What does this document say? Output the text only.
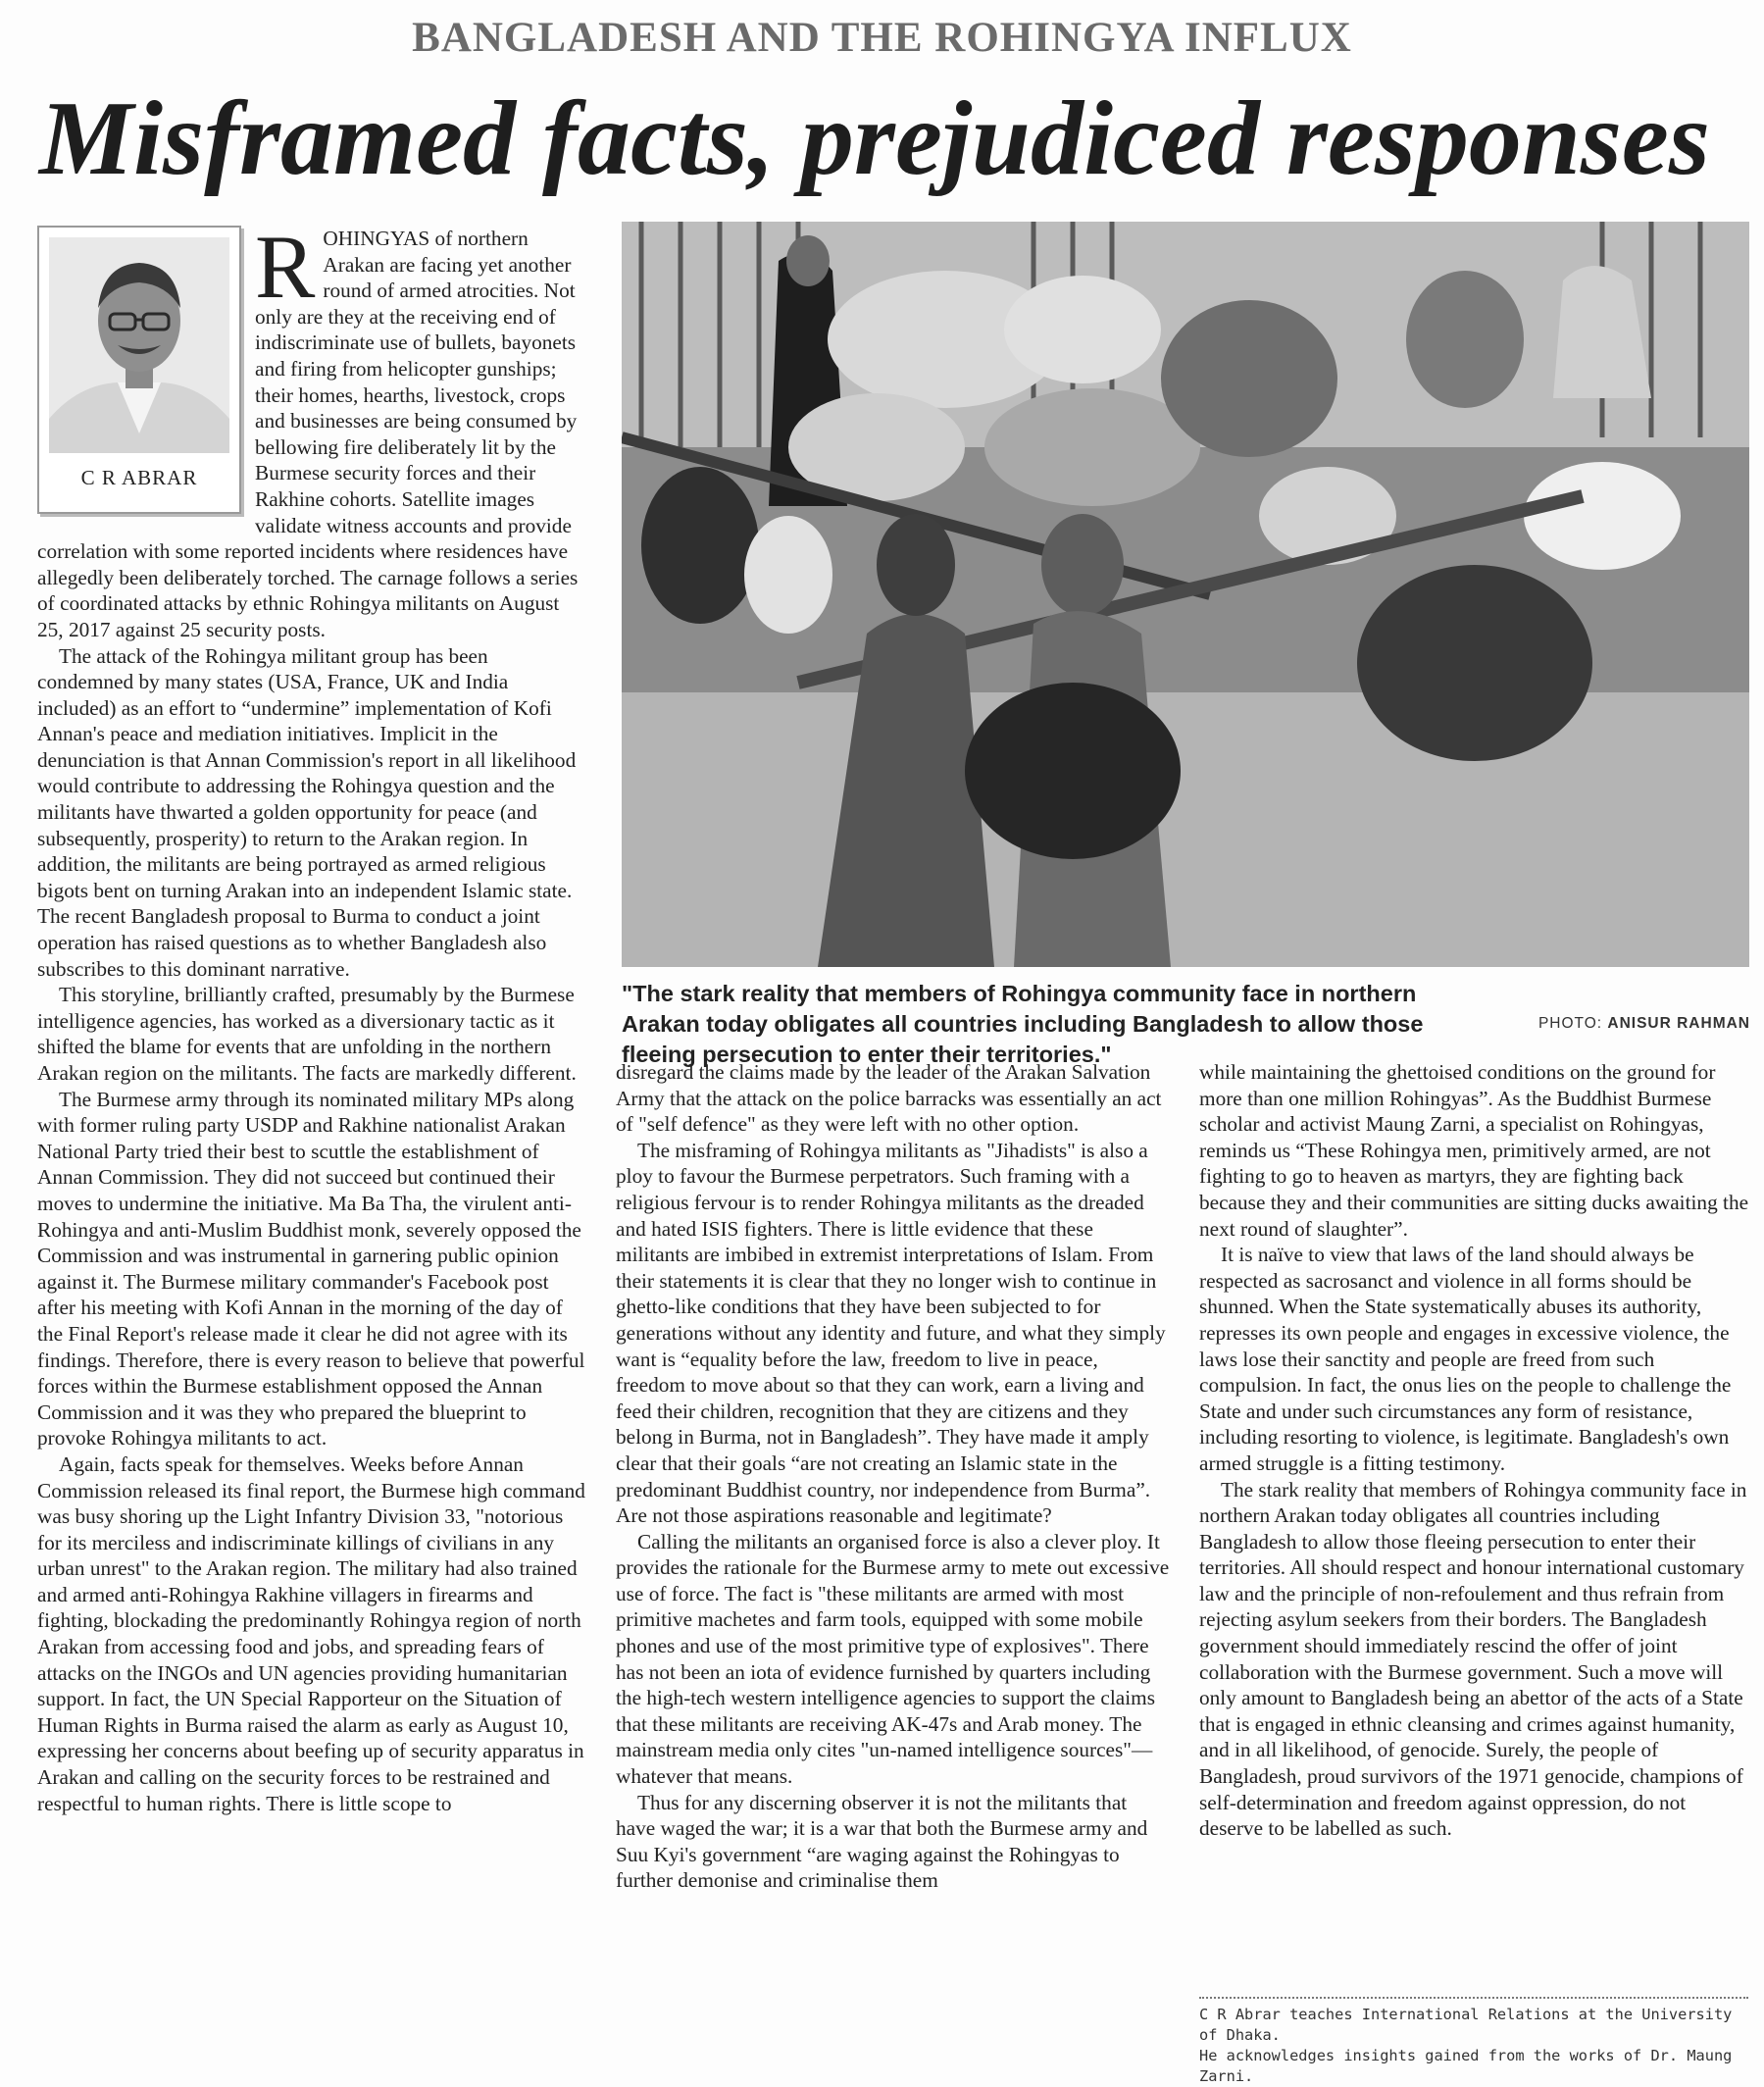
BANGLADESH AND THE ROHINGYA INFLUX
Misframed facts, prejudiced responses
C R ABRAR
R OHINGYAS of northern Arakan are facing yet another round of armed atrocities. Not only are they at the receiving end of indiscriminate use of bullets, bayonets and firing from helicopter gunships; their homes, hearths, livestock, crops and businesses are being consumed by bellowing fire deliberately lit by the Burmese security forces and their Rakhine cohorts. Satellite images validate witness accounts and provide correlation with some reported incidents where residences have allegedly been deliberately torched. The carnage follows a series of coordinated attacks by ethnic Rohingya militants on August 25, 2017 against 25 security posts.

The attack of the Rohingya militant group has been condemned by many states (USA, France, UK and India included) as an effort to “undermine” implementation of Kofi Annan's peace and mediation initiatives. Implicit in the denunciation is that Annan Commission's report in all likelihood would contribute to addressing the Rohingya question and the militants have thwarted a golden opportunity for peace (and subsequently, prosperity) to return to the Arakan region. In addition, the militants are being portrayed as armed religious bigots bent on turning Arakan into an independent Islamic state. The recent Bangladesh proposal to Burma to conduct a joint operation has raised questions as to whether Bangladesh also subscribes to this dominant narrative.

This storyline, brilliantly crafted, presumably by the Burmese intelligence agencies, has worked as a diversionary tactic as it shifted the blame for events that are unfolding in the northern Arakan region on the militants. The facts are markedly different.

The Burmese army through its nominated military MPs along with former ruling party USDP and Rakhine nationalist Arakan National Party tried their best to scuttle the establishment of Annan Commission. They did not succeed but continued their moves to undermine the initiative. Ma Ba Tha, the virulent anti-Rohingya and anti-Muslim Buddhist monk, severely opposed the Commission and was instrumental in garnering public opinion against it. The Burmese military commander's Facebook post after his meeting with Kofi Annan in the morning of the day of the Final Report's release made it clear he did not agree with its findings. Therefore, there is every reason to believe that powerful forces within the Burmese establishment opposed the Annan Commission and it was they who prepared the blueprint to provoke Rohingya militants to act.

Again, facts speak for themselves. Weeks before Annan Commission released its final report, the Burmese high command was busy shoring up the Light Infantry Division 33, "notorious for its merciless and indiscriminate killings of civilians in any urban unrest" to the Arakan region. The military had also trained and armed anti-Rohingya Rakhine villagers in firearms and fighting, blockading the predominantly Rohingya region of north Arakan from accessing food and jobs, and spreading fears of attacks on the INGOs and UN agencies providing humanitarian support. In fact, the UN Special Rapporteur on the Situation of Human Rights in Burma raised the alarm as early as August 10, expressing her concerns about beefing up of security apparatus in Arakan and calling on the security forces to be restrained and respectful to human rights. There is little scope to

"The stark reality that members of Rohingya community face in northern Arakan today obligates all countries including Bangladesh to allow those fleeing persecution to enter their territories."
PHOTO: ANISUR RAHMAN

disregard the claims made by the leader of the Arakan Salvation Army that the attack on the police barracks was essentially an act of "self defence" as they were left with no other option.

The misframing of Rohingya militants as "Jihadists" is also a ploy to favour the Burmese perpetrators. Such framing with a religious fervour is to render Rohingya militants as the dreaded and hated ISIS fighters. There is little evidence that these militants are imbibed in extremist interpretations of Islam. From their statements it is clear that they no longer wish to continue in ghetto-like conditions that they have been subjected to for generations without any identity and future, and what they simply want is “equality before the law, freedom to live in peace, freedom to move about so that they can work, earn a living and feed their children, recognition that they are citizens and they belong in Burma, not in Bangladesh”. They have made it amply clear that their goals “are not creating an Islamic state in the predominant Buddhist country, nor independence from Burma”. Are not those aspirations reasonable and legitimate?

Calling the militants an organised force is also a clever ploy. It provides the rationale for the Burmese army to mete out excessive use of force. The fact is "these militants are armed with most primitive machetes and farm tools, equipped with some mobile phones and use of the most primitive type of explosives". There has not been an iota of evidence furnished by quarters including the high-tech western intelligence agencies to support the claims that these militants are receiving AK-47s and Arab money. The mainstream media only cites "un-named intelligence sources"—whatever that means.

Thus for any discerning observer it is not the militants that have waged the war; it is a war that both the Burmese army and Suu Kyi's government “are waging against the Rohingyas to further demonise and criminalise them

while maintaining the ghettoised conditions on the ground for more than one million Rohingyas”. As the Buddhist Burmese scholar and activist Maung Zarni, a specialist on Rohingyas, reminds us “These Rohingya men, primitively armed, are not fighting to go to heaven as martyrs, they are fighting back because they and their communities are sitting ducks awaiting the next round of slaughter”.

It is naïve to view that laws of the land should always be respected as sacrosanct and violence in all forms should be shunned. When the State systematically abuses its authority, represses its own people and engages in excessive violence, the laws lose their sanctity and people are freed from such compulsion. In fact, the onus lies on the people to challenge the State and under such circumstances any form of resistance, including resorting to violence, is legitimate. Bangladesh's own armed struggle is a fitting testimony.

The stark reality that members of Rohingya community face in northern Arakan today obligates all countries including Bangladesh to allow those fleeing persecution to enter their territories. All should respect and honour international customary law and the principle of non-refoulement and thus refrain from rejecting asylum seekers from their borders. The Bangladesh government should immediately rescind the offer of joint collaboration with the Burmese government. Such a move will only amount to Bangladesh being an abettor of the acts of a State that is engaged in ethnic cleansing and crimes against humanity, and in all likelihood, of genocide. Surely, the people of Bangladesh, proud survivors of the 1971 genocide, champions of self-determination and freedom against oppression, do not deserve to be labelled as such.

C R Abrar teaches International Relations at the University of Dhaka.
He acknowledges insights gained from the works of Dr. Maung Zarni.
